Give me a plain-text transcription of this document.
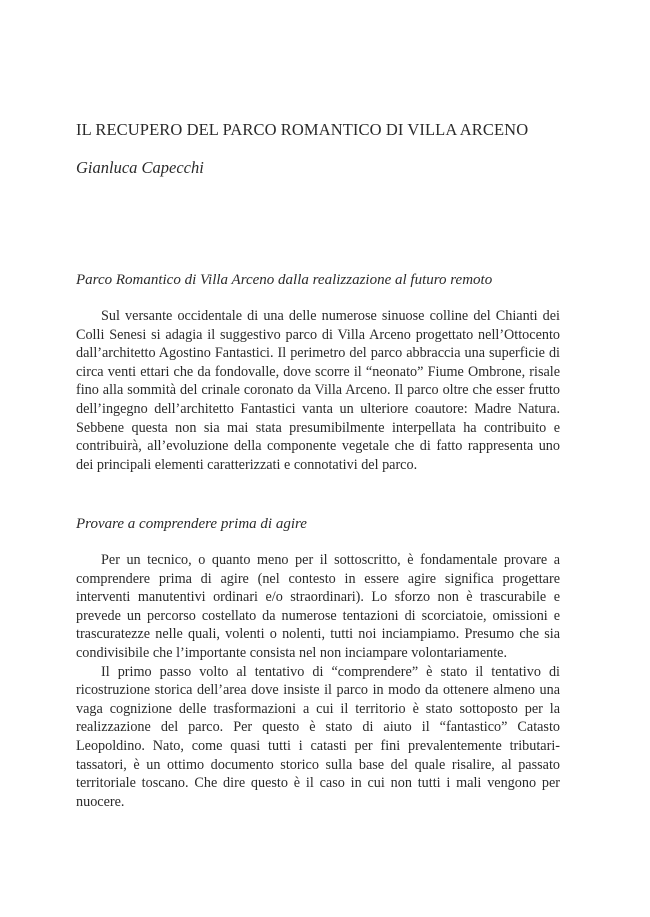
IL RECUPERO DEL PARCO ROMANTICO DI VILLA ARCENO
Gianluca Capecchi
Parco Romantico di Villa Arceno dalla realizzazione al futuro remoto

Sul versante occidentale di una delle numerose sinuose colline del Chianti dei Colli Senesi si adagia il suggestivo parco di Villa Arceno progettato nell’Ottocento dall’architetto Agostino Fantastici. Il perimetro del parco abbraccia una superficie di circa venti ettari che da fondovalle, dove scorre il “neonato” Fiume Ombrone, risale fino alla sommità del crinale coronato da Villa Arceno. Il parco oltre che esser frutto dell’ingegno dell’architetto Fantastici vanta un ulteriore coautore: Madre Natura. Sebbene questa non sia mai stata presumibilmente interpellata ha contribuito e contribuirà, all’evoluzione della componente vegetale che di fatto rappresenta uno dei principali elementi caratterizzati e connotativi del parco.

Provare a comprendere prima di agire

Per un tecnico, o quanto meno per il sottoscritto, è fondamentale provare a comprendere prima di agire (nel contesto in essere agire significa progettare interventi manutentivi ordinari e/o straordinari). Lo sforzo non è trascurabile e prevede un percorso costellato da numerose tentazioni di scorciatoie, omissioni e trascuratezze nelle quali, volenti o nolenti, tutti noi inciampiamo. Presumo che sia condivisibile che l’importante consista nel non inciampare volontariamente.

Il primo passo volto al tentativo di “comprendere” è stato il tentativo di ricostruzione storica dell’area dove insiste il parco in modo da ottenere almeno una vaga cognizione delle trasformazioni a cui il territorio è stato sottoposto per la realizzazione del parco. Per questo è stato di aiuto il “fantastico” Catasto Leopoldino. Nato, come quasi tutti i catasti per fini prevalentemente tributari-tassatori, è un ottimo documento storico sulla base del quale risalire, al passato territoriale toscano. Che dire questo è il caso in cui non tutti i mali vengono per nuocere.
